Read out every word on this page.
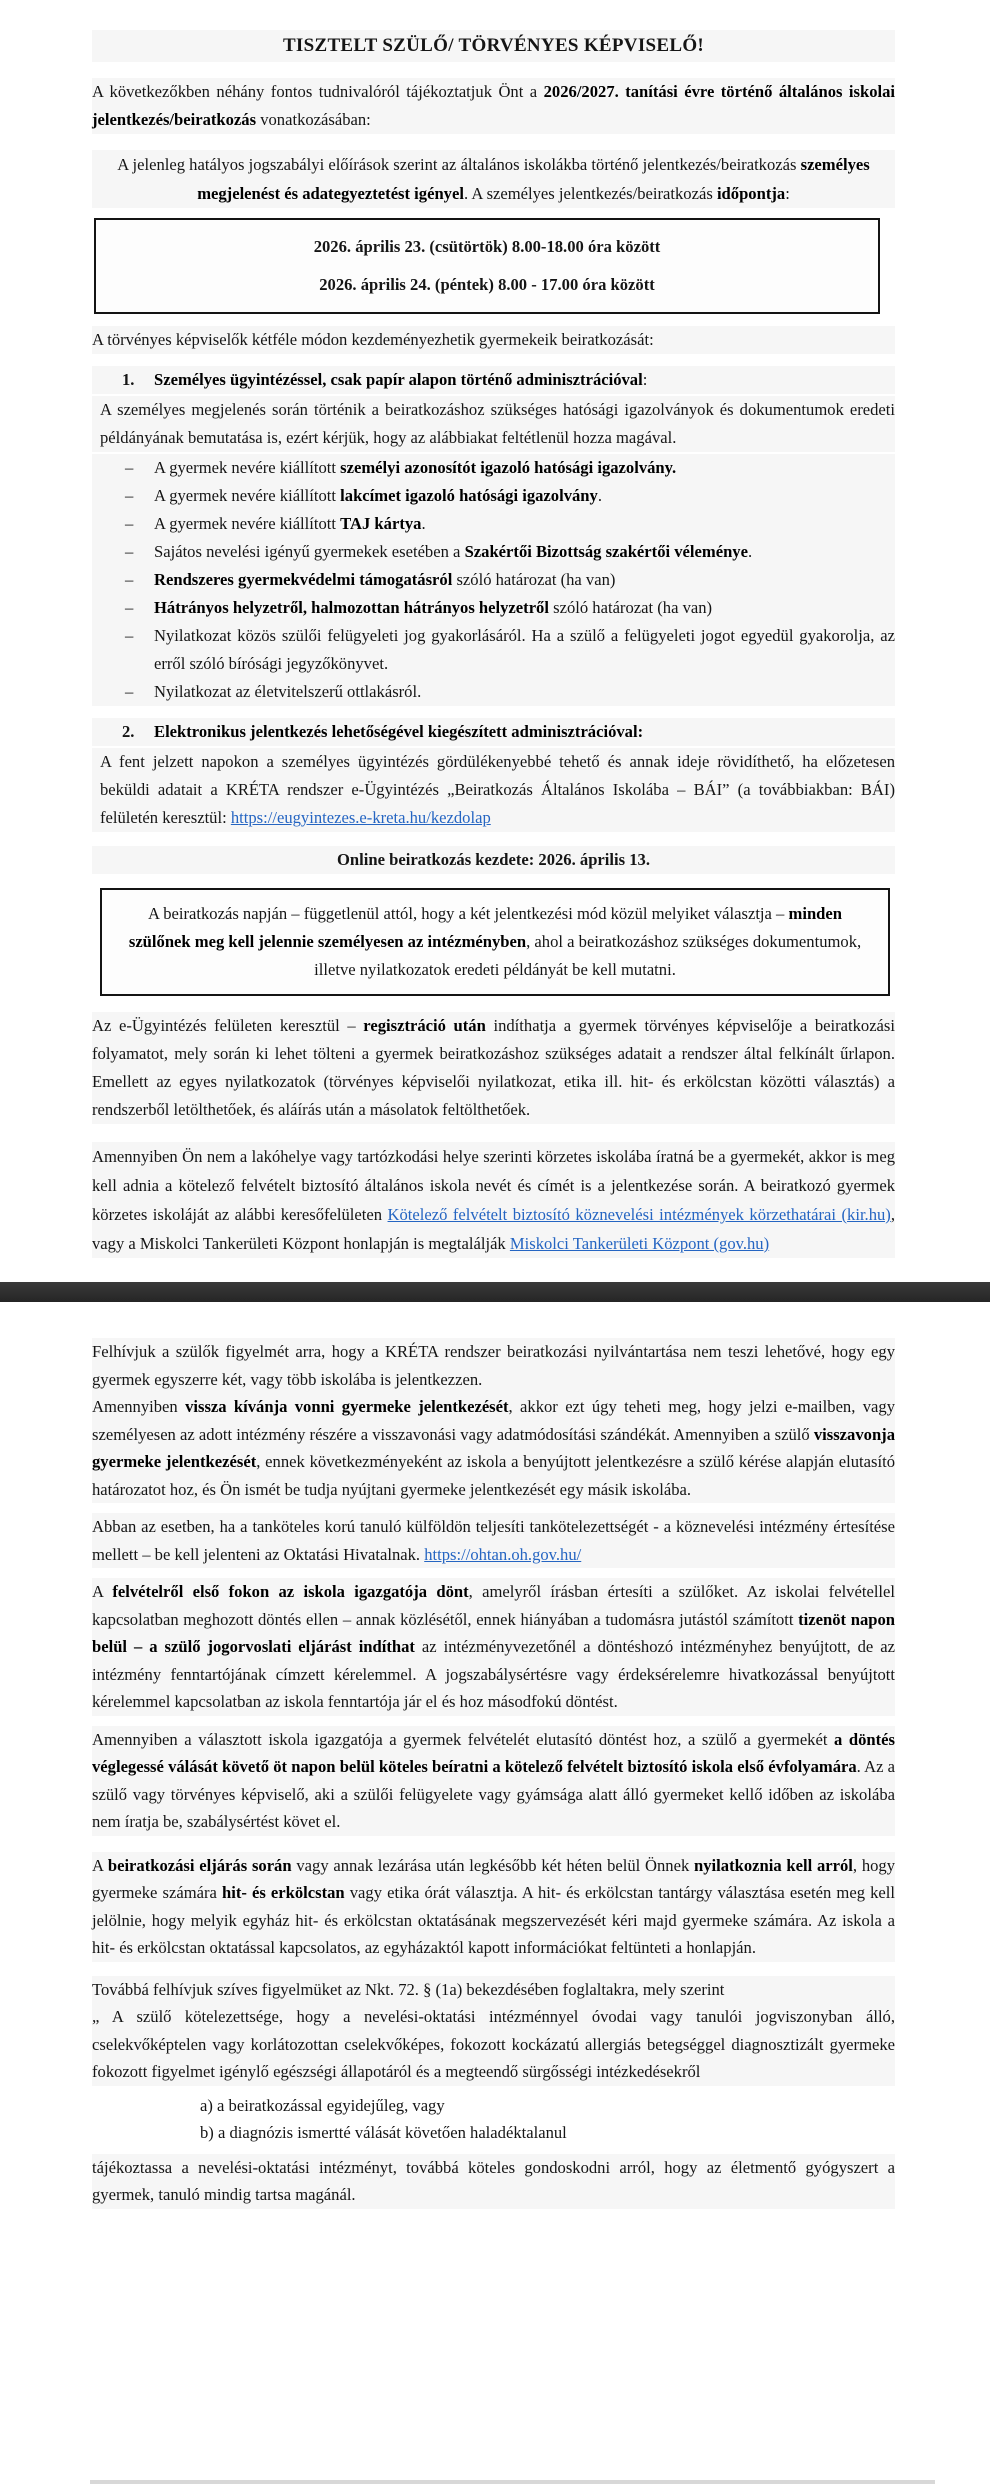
TISZTELT SZÜLŐ/ TÖRVÉNYES KÉPVISELŐ!
A következőkben néhány fontos tudnivalóról tájékoztatjuk Önt a 2026/2027. tanítási évre történő általános iskolai jelentkezés/beiratkozás vonatkozásában:
A jelenleg hatályos jogszabályi előírások szerint az általános iskolákba történő jelentkezés/beiratkozás személyes megjelenést és adategyeztetést igényel. A személyes jelentkezés/beiratkozás időpontja:
2026. április 23. (csütörtök) 8.00-18.00 óra között
2026. április 24. (péntek) 8.00 - 17.00 óra között
A törvényes képviselők kétféle módon kezdeményezhetik gyermekeik beiratkozását:
1. Személyes ügyintézéssel, csak papír alapon történő adminisztrációval:
A személyes megjelenés során történik a beiratkozáshoz szükséges hatósági igazolványok és dokumentumok eredeti példányának bemutatása is, ezért kérjük, hogy az alábbiakat feltétlenül hozza magával.
– A gyermek nevére kiállított személyi azonosítót igazoló hatósági igazolvány.
– A gyermek nevére kiállított lakcímet igazoló hatósági igazolvány.
– A gyermek nevére kiállított TAJ kártya.
– Sajátos nevelési igényű gyermekek esetében a Szakértői Bizottság szakértői véleménye.
– Rendszeres gyermekvédelmi támogatásról szóló határozat (ha van)
– Hátrányos helyzetről, halmozottan hátrányos helyzetről szóló határozat (ha van)
– Nyilatkozat közös szülői felügyeleti jog gyakorlásáról. Ha a szülő a felügyeleti jogot egyedül gyakorolja, az erről szóló bírósági jegyzőkönyvet.
– Nyilatkozat az életvitelszerű ottlakásról.
2. Elektronikus jelentkezés lehetőségével kiegészített adminisztrációval:
A fent jelzett napokon a személyes ügyintézés gördülékenyebbé tehető és annak ideje rövidíthető, ha előzetesen beküldi adatait a KRÉTA rendszer e-Ügyintézés „Beiratkozás Általános Iskolába – BÁI” (a továbbiakban: BÁI) felületén keresztül: https://eugyintezes.e-kreta.hu/kezdolap
Online beiratkozás kezdete: 2026. április 13.
A beiratkozás napján – függetlenül attól, hogy a két jelentkezési mód közül melyiket választja – minden szülőnek meg kell jelennie személyesen az intézményben, ahol a beiratkozáshoz szükséges dokumentumok, illetve nyilatkozatok eredeti példányát be kell mutatni.
Az e-Ügyintézés felületen keresztül – regisztráció után indíthatja a gyermek törvényes képviselője a beiratkozási folyamatot, mely során ki lehet tölteni a gyermek beiratkozáshoz szükséges adatait a rendszer által felkínált űrlapon. Emellett az egyes nyilatkozatok (törvényes képviselői nyilatkozat, etika ill. hit- és erkölcstan közötti választás) a rendszerből letölthetőek, és aláírás után a másolatok feltölthetőek.
Amennyiben Ön nem a lakóhelye vagy tartózkodási helye szerinti körzetes iskolába íratná be a gyermekét, akkor is meg kell adnia a kötelező felvételt biztosító általános iskola nevét és címét is a jelentkezése során. A beiratkozó gyermek körzetes iskoláját az alábbi keresőfelületen Kötelező felvételt biztosító köznevelési intézmények körzethatárai (kir.hu), vagy a Miskolci Tankerületi Központ honlapján is megtalálják Miskolci Tankerületi Központ (gov.hu)
Felhívjuk a szülők figyelmét arra, hogy a KRÉTA rendszer beiratkozási nyilvántartása nem teszi lehetővé, hogy egy gyermek egyszerre két, vagy több iskolába is jelentkezzen.
Amennyiben vissza kívánja vonni gyermeke jelentkezését, akkor ezt úgy teheti meg, hogy jelzi e-mailben, vagy személyesen az adott intézmény részére a visszavonási vagy adatmódosítási szándékát. Amennyiben a szülő visszavonja gyermeke jelentkezését, ennek következményeként az iskola a benyújtott jelentkezésre a szülő kérése alapján elutasító határozatot hoz, és Ön ismét be tudja nyújtani gyermeke jelentkezését egy másik iskolába.
Abban az esetben, ha a tanköteles korú tanuló külföldön teljesíti tankötelezettségét - a köznevelési intézmény értesítése mellett – be kell jelenteni az Oktatási Hivatalnak. https://ohtan.oh.gov.hu/
A felvételről első fokon az iskola igazgatója dönt, amelyről írásban értesíti a szülőket. Az iskolai felvétellel kapcsolatban meghozott döntés ellen – annak közlésétől, ennek hiányában a tudomásra jutástól számított tizenöt napon belül – a szülő jogorvoslati eljárást indíthat az intézményvezetőnél a döntéshozó intézményhez benyújtott, de az intézmény fenntartójának címzett kérelemmel. A jogszabálysértésre vagy érdeksérelemre hivatkozással benyújtott kérelemmel kapcsolatban az iskola fenntartója jár el és hoz másodfokú döntést.
Amennyiben a választott iskola igazgatója a gyermek felvételét elutasító döntést hoz, a szülő a gyermekét a döntés véglegessé válását követő öt napon belül köteles beíratni a kötelező felvételt biztosító iskola első évfolyamára. Az a szülő vagy törvényes képviselő, aki a szülői felügyelete vagy gyámsága alatt álló gyermeket kellő időben az iskolába nem íratja be, szabálysértést követ el.
A beiratkozási eljárás során vagy annak lezárása után legkésőbb két héten belül Önnek nyilatkoznia kell arról, hogy gyermeke számára hit- és erkölcstan vagy etika órát választja. A hit- és erkölcstan tantárgy választása esetén meg kell jelölnie, hogy melyik egyház hit- és erkölcstan oktatásának megszervezését kéri majd gyermeke számára. Az iskola a hit- és erkölcstan oktatással kapcsolatos, az egyházaktól kapott információkat feltünteti a honlapján.
Továbbá felhívjuk szíves figyelmüket az Nkt. 72. § (1a) bekezdésében foglaltakra, mely szerint
„ A szülő kötelezettsége, hogy a nevelési-oktatási intézménnyel óvodai vagy tanulói jogviszonyban álló, cselekvőképtelen vagy korlátozottan cselekvőképes, fokozott kockázatú allergiás betegséggel diagnosztizált gyermeke fokozott figyelmet igénylő egészségi állapotáról és a megteendő sürgősségi intézkedésekről
a) a beiratkozással egyidejűleg, vagy
b) a diagnózis ismertté válását követően haladéktalanul
tájékoztassa a nevelési-oktatási intézményt, továbbá köteles gondoskodni arról, hogy az életmentő gyógyszert a gyermek, tanuló mindig tartsa magánál.
